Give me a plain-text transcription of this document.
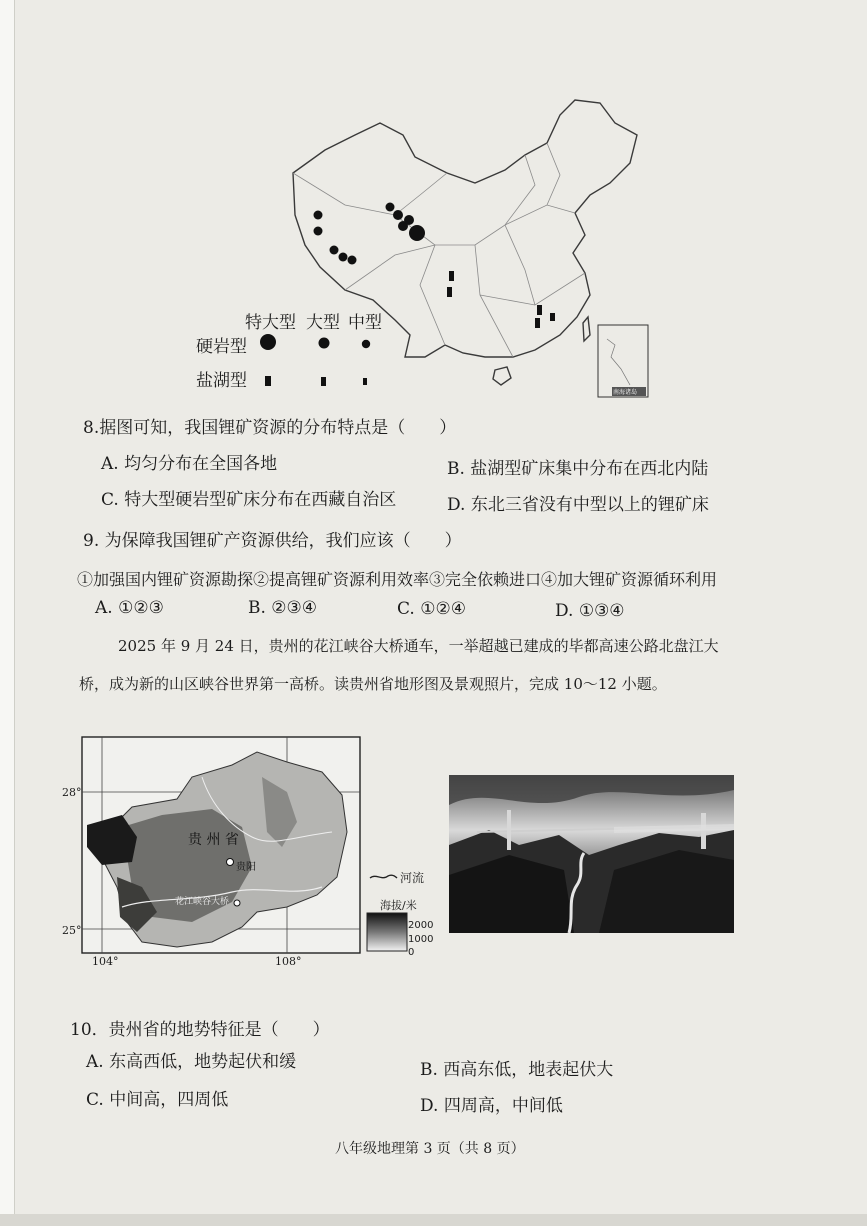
南海诸岛
特大型 大型 中型
硬岩型
盐湖型
8.据图可知，我国锂矿资源的分布特点是（　　）
A. 均匀分布在全国各地	B. 盐湖型矿床集中分布在西北内陆
C. 特大型硬岩型矿床分布在西藏自治区	D. 东北三省没有中型以上的锂矿床
9. 为保障我国锂矿产资源供给，我们应该（　　）
①加强国内锂矿资源勘探②提高锂矿资源利用效率③完全依赖进口④加大锂矿资源循环利用
A. ①②③	B. ②③④	C. ①②④	D. ①③④
2025 年 9 月 24 日，贵州的花江峡谷大桥通车，一举超越已建成的毕都高速公路北盘江大
桥，成为新的山区峡谷世界第一高桥。读贵州省地形图及景观照片，完成 10～12 小题。
28°
25°
104°	108°
贵 州 省
贵阳
花江峡谷大桥
河流
海拔/米
2000
1000
0
10．贵州省的地势特征是（　　）
A. 东高西低，地势起伏和缓	B. 西高东低，地表起伏大
C. 中间高，四周低	D. 四周高，中间低
八年级地理第 3 页（共 8 页）
